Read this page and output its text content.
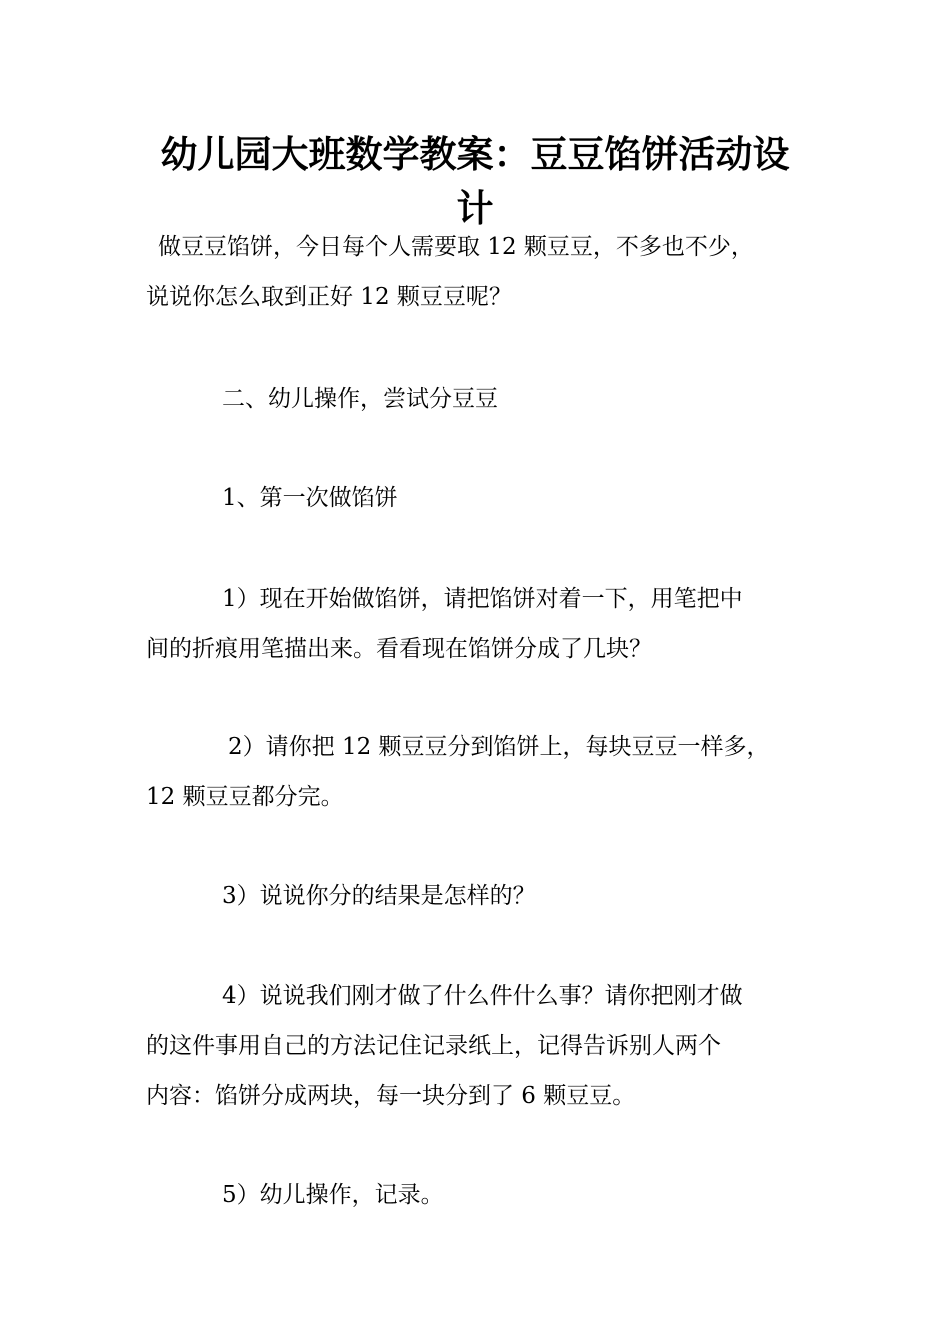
幼儿园大班数学教案：豆豆馅饼活动设
计

做豆豆馅饼，今日每个人需要取 12 颗豆豆，不多也不少，
说说你怎么取到正好 12 颗豆豆呢？

二、幼儿操作，尝试分豆豆

1、第一次做馅饼

1）现在开始做馅饼，请把馅饼对着一下，用笔把中
间的折痕用笔描出来。看看现在馅饼分成了几块？

2）请你把 12 颗豆豆分到馅饼上，每块豆豆一样多，
12 颗豆豆都分完。

3）说说你分的结果是怎样的？

4）说说我们刚才做了什么件什么事？请你把刚才做
的这件事用自己的方法记住记录纸上，记得告诉别人两个
内容：馅饼分成两块，每一块分到了 6 颗豆豆。

5）幼儿操作，记录。
